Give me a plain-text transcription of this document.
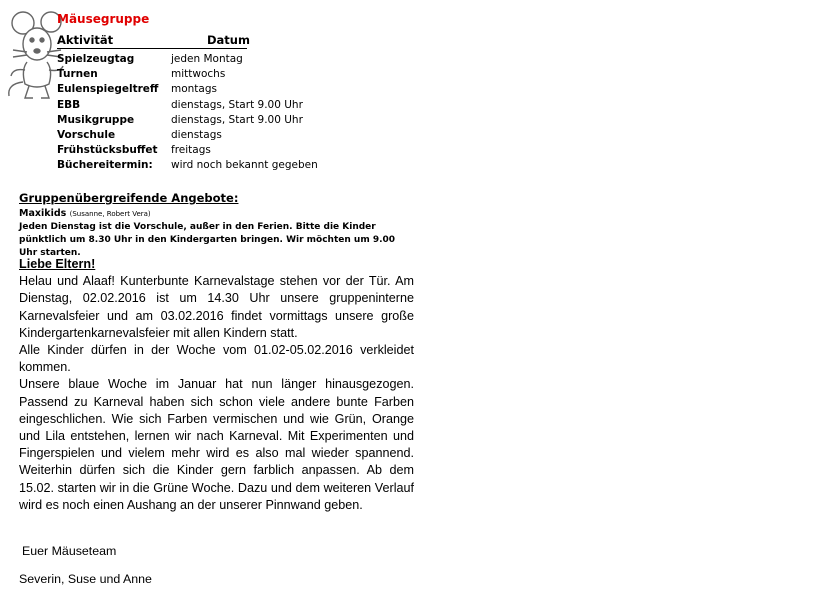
Mäusegruppe
Aktivität	Datum
Spielzeugtag	jeden Montag
Turnen	mittwochs
Eulenspiegeltreff montags
EBB	dienstags, Start 9.00 Uhr
Musikgruppe	dienstags, Start 9.00 Uhr
Vorschule	dienstags
Frühstücksbuffet freitags
Büchereitermin: wird noch bekannt gegeben
Gruppenübergreifende Angebote:
Maxikids (Susanne, Robert Vera)
Jeden Dienstag ist die Vorschule, außer in den Ferien. Bitte die Kinder pünktlich um 8.30 Uhr in den Kindergarten bringen. Wir möchten um 9.00 Uhr starten.

Liebe Eltern!

Helau und Alaaf! Kunterbunte Karnevalstage stehen vor der Tür. Am Dienstag, 02.02.2016 ist um 14.30 Uhr unsere gruppeninterne Karnevalsfeier und am 03.02.2016 findet vormittags unsere große Kindergartenkarnevalsfeier mit allen Kindern statt.

Alle Kinder dürfen in der Woche vom 01.02-05.02.2016 verkleidet kommen.

Unsere blaue Woche im Januar hat nun länger hinausgezogen. Passend zu Karneval haben sich schon viele andere bunte Farben eingeschlichen. Wie sich Farben vermischen und wie Grün, Orange und Lila entstehen, lernen wir nach Karneval. Mit Experimenten und Fingerspielen und vielem mehr wird es also mal wieder spannend. Weiterhin dürfen sich die Kinder gern farblich anpassen. Ab dem 15.02. starten wir in die Grüne Woche. Dazu und dem weiteren Verlauf wird es noch einen Aushang an der unserer Pinnwand geben.

Euer Mäuseteam
Severin, Suse und Anne
